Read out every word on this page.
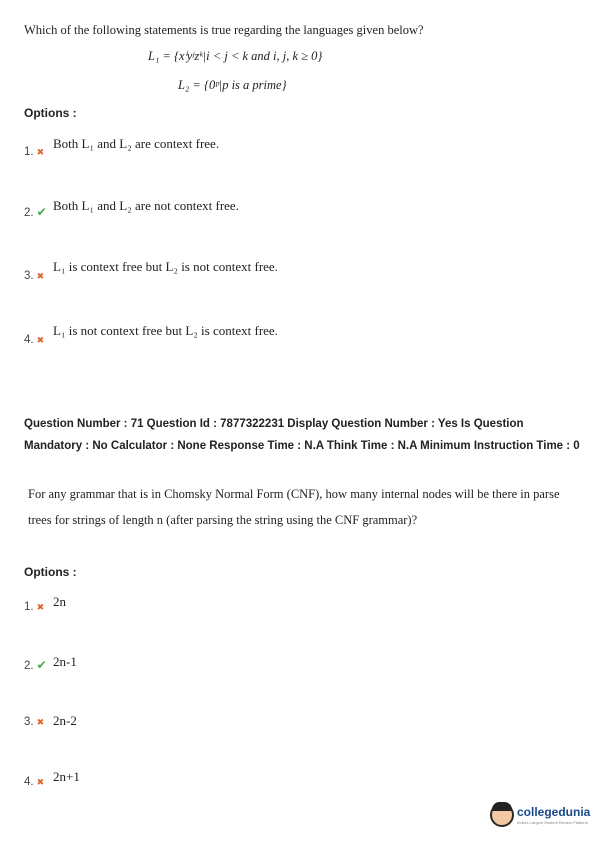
Which of the following statements is true regarding the languages given below?
L₁ = {xⁱyʲzᵏ|i < j < k and i, j, k ≥ 0}
L₂ = {0ᵖ|p is a prime}
Options :
1. ✖
Both L₁ and L₂ are context free.
2. ✔ Both L₁ and L₂ are not context free.
3. ✖
L₁ is context free but L₂ is not context free.
4. ✖
L₁ is not context free but L₂ is context free.
Question Number : 71 Question Id : 7877322231 Display Question Number : Yes Is Question Mandatory : No Calculator : None Response Time : N.A Think Time : N.A Minimum Instruction Time : 0
For any grammar that is in Chomsky Normal Form (CNF), how many internal nodes will be there in parse trees for strings of length n (after parsing the string using the CNF grammar)?
Options :
1. ✖ 2n
2. ✔ 2n-1
3. ✖ 2n-2
4. ✖ 2n+1
collegedunia
India's Largest Student Review Platform
